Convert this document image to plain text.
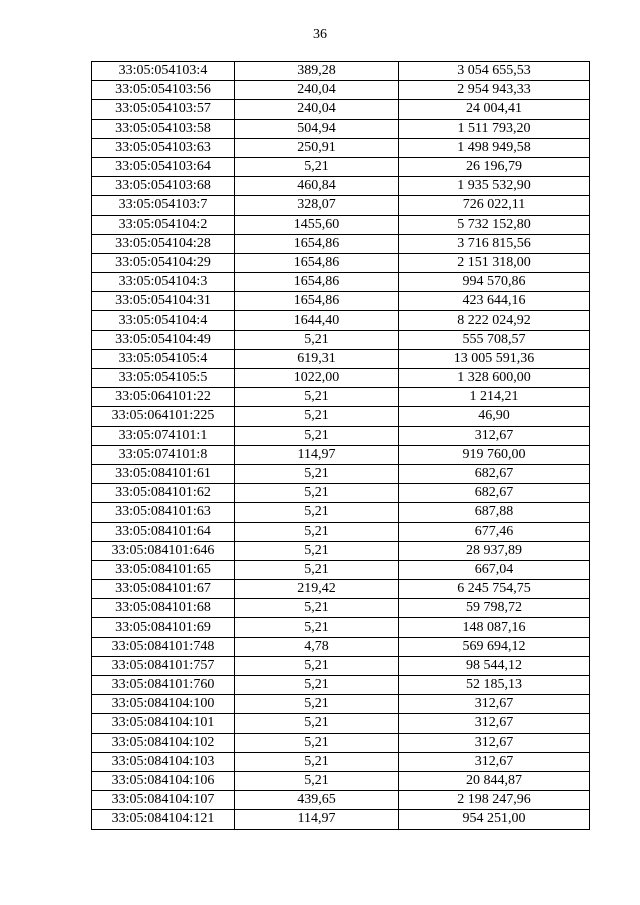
36
33:05:054103:4	389,28	3 054 655,53
33:05:054103:56	240,04	2 954 943,33
33:05:054103:57	240,04	24 004,41
33:05:054103:58	504,94	1 511 793,20
33:05:054103:63	250,91	1 498 949,58
33:05:054103:64	5,21	26 196,79
33:05:054103:68	460,84	1 935 532,90
33:05:054103:7	328,07	726 022,11
33:05:054104:2	1455,60	5 732 152,80
33:05:054104:28	1654,86	3 716 815,56
33:05:054104:29	1654,86	2 151 318,00
33:05:054104:3	1654,86	994 570,86
33:05:054104:31	1654,86	423 644,16
33:05:054104:4	1644,40	8 222 024,92
33:05:054104:49	5,21	555 708,57
33:05:054105:4	619,31	13 005 591,36
33:05:054105:5	1022,00	1 328 600,00
33:05:064101:22	5,21	1 214,21
33:05:064101:225	5,21	46,90
33:05:074101:1	5,21	312,67
33:05:074101:8	114,97	919 760,00
33:05:084101:61	5,21	682,67
33:05:084101:62	5,21	682,67
33:05:084101:63	5,21	687,88
33:05:084101:64	5,21	677,46
33:05:084101:646	5,21	28 937,89
33:05:084101:65	5,21	667,04
33:05:084101:67	219,42	6 245 754,75
33:05:084101:68	5,21	59 798,72
33:05:084101:69	5,21	148 087,16
33:05:084101:748	4,78	569 694,12
33:05:084101:757	5,21	98 544,12
33:05:084101:760	5,21	52 185,13
33:05:084104:100	5,21	312,67
33:05:084104:101	5,21	312,67
33:05:084104:102	5,21	312,67
33:05:084104:103	5,21	312,67
33:05:084104:106	5,21	20 844,87
33:05:084104:107	439,65	2 198 247,96
33:05:084104:121	114,97	954 251,00
